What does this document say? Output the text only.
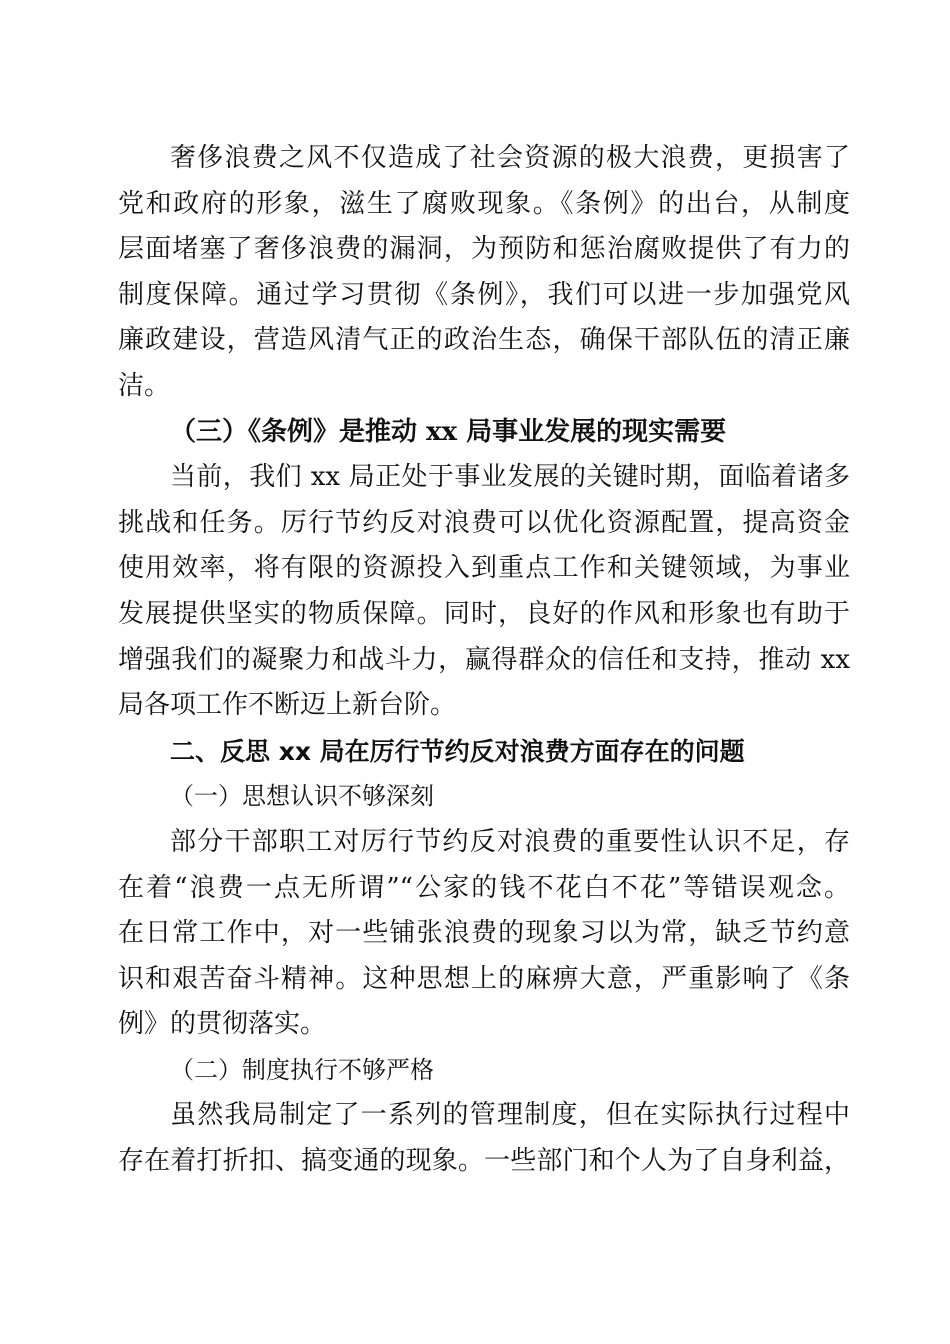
奢侈浪费之风不仅造成了社会资源的极大浪费，更损害了

党和政府的形象，滋生了腐败现象。《条例》的出台，从制度

层面堵塞了奢侈浪费的漏洞，为预防和惩治腐败提供了有力的

制度保障。通过学习贯彻《条例》，我们可以进一步加强党风

廉政建设，营造风清气正的政治生态，确保干部队伍的清正廉

洁。

（三）《条例》是推动 xx 局事业发展的现实需要

当前，我们 xx 局正处于事业发展的关键时期，面临着诸多

挑战和任务。厉行节约反对浪费可以优化资源配置，提高资金

使用效率，将有限的资源投入到重点工作和关键领域，为事业

发展提供坚实的物质保障。同时，良好的作风和形象也有助于

增强我们的凝聚力和战斗力，赢得群众的信任和支持，推动 xx

局各项工作不断迈上新台阶。

二、反思 xx 局在厉行节约反对浪费方面存在的问题

（一）思想认识不够深刻

部分干部职工对厉行节约反对浪费的重要性认识不足，存

在着“浪费一点无所谓”“公家的钱不花白不花”等错误观念。

在日常工作中，对一些铺张浪费的现象习以为常，缺乏节约意

识和艰苦奋斗精神。这种思想上的麻痹大意，严重影响了《条

例》的贯彻落实。

（二）制度执行不够严格

虽然我局制定了一系列的管理制度，但在实际执行过程中

存在着打折扣、搞变通的现象。一些部门和个人为了自身利益，
